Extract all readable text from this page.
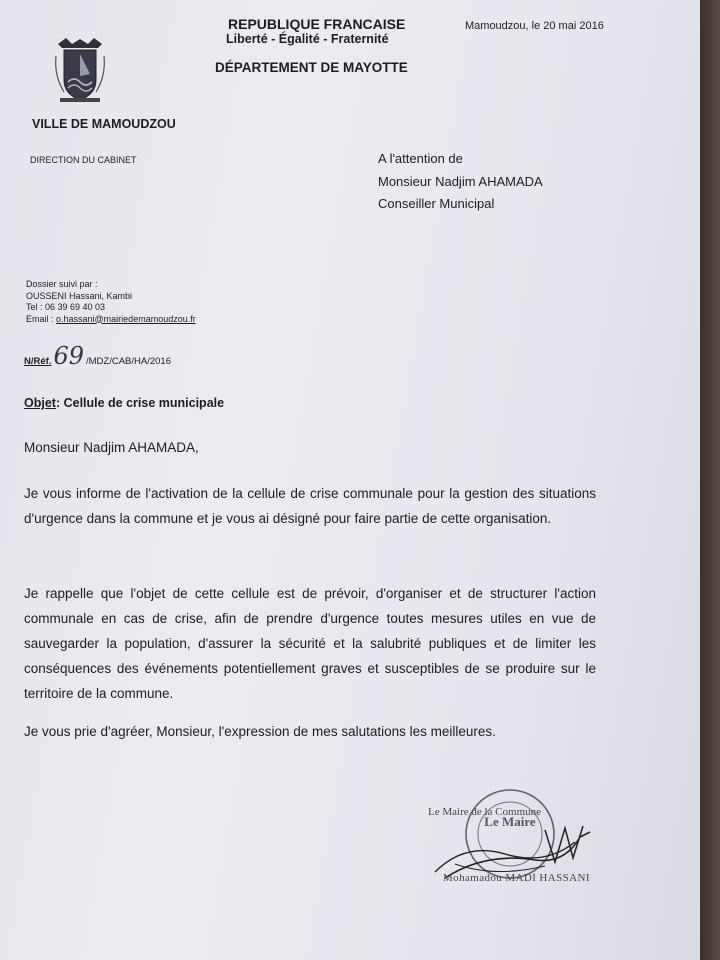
REPUBLIQUE FRANCAISE
Liberté - Égalité - Fraternité
DÉPARTEMENT DE MAYOTTE
Mamoudzou, le 20 mai 2016
VILLE DE MAMOUDZOU
DIRECTION DU CABINET	A l'attention de
Monsieur Nadjim AHAMADA
Conseiller Municipal
Dossier suivi par :
OUSSENI Hassani, Kambi
Tel : 06 39 69 40 03
Email : o.hassani@mairiedemamoudzou.fr
N/Réf. 69 /MDZ/CAB/HA/2016
Objet: Cellule de crise municipale
Monsieur Nadjim AHAMADA,
Je vous informe de l'activation de la cellule de crise communale pour la gestion des situations d'urgence dans la commune et je vous ai désigné pour faire partie de cette organisation.
Je rappelle que l'objet de cette cellule est de prévoir, d'organiser et de structurer l'action communale en cas de crise, afin de prendre d'urgence toutes mesures utiles en vue de sauvegarder la population, d'assurer la sécurité et la salubrité publiques et de limiter les conséquences des événements potentiellement graves et susceptibles de se produire sur le territoire de la commune.
Je vous prie d'agréer, Monsieur, l'expression de mes salutations les meilleures.
Le Maire de la Commune
Le Maire
Mohamadou MADI HASSANI
